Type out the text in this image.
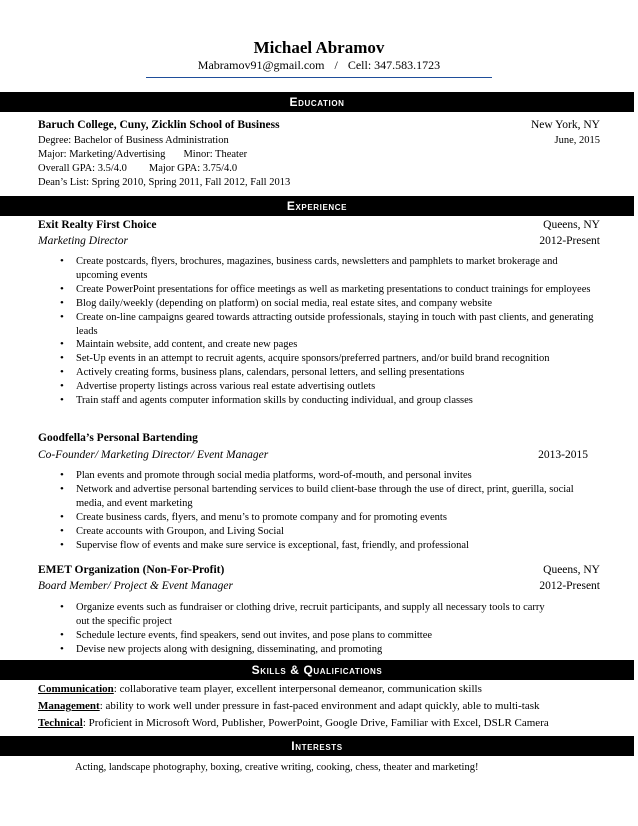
Michael Abramov
Mabramov91@gmail.com / Cell: 347.583.1723
Education
Baruch College, Cuny, Zicklin School of Business	New York, NY
Degree: Bachelor of Business Administration	June, 2015
Major: Marketing/Advertising Minor: Theater
Overall GPA: 3.5/4.0 Major GPA: 3.75/4.0
Dean’s List: Spring 2010, Spring 2011, Fall 2012, Fall 2013
Experience
Exit Realty First Choice	Queens, NY
Marketing Director	2012-Present
• Create postcards, flyers, brochures, magazines, business cards, newsletters and pamphlets to market brokerage and upcoming events
• Create PowerPoint presentations for office meetings as well as marketing presentations to conduct trainings for employees
• Blog daily/weekly (depending on platform) on social media, real estate sites, and company website
• Create on-line campaigns geared towards attracting outside professionals, staying in touch with past clients, and generating leads
• Maintain website, add content, and create new pages
• Set-Up events in an attempt to recruit agents, acquire sponsors/preferred partners, and/or build brand recognition
• Actively creating forms, business plans, calendars, personal letters, and selling presentations
• Advertise property listings across various real estate advertising outlets
• Train staff and agents computer information skills by conducting individual, and group classes
Goodfella’s Personal Bartending
Co-Founder/ Marketing Director/ Event Manager	2013-2015
• Plan events and promote through social media platforms, word-of-mouth, and personal invites
• Network and advertise personal bartending services to build client-base through the use of direct, print, guerilla, social media, and event marketing
• Create business cards, flyers, and menu’s to promote company and for promoting events
• Create accounts with Groupon, and Living Social
• Supervise flow of events and make sure service is exceptional, fast, friendly, and professional
EMET Organization (Non-For-Profit)	Queens, NY
Board Member/ Project & Event Manager	2012-Present
• Organize events such as fundraiser or clothing drive, recruit participants, and supply all necessary tools to carry out the specific project
• Schedule lecture events, find speakers, send out invites, and pose plans to committee
• Devise new projects along with designing, disseminating, and promoting
Skills & Qualifications
Communication: collaborative team player, excellent interpersonal demeanor, communication skills
Management: ability to work well under pressure in fast-paced environment and adapt quickly, able to multi-task
Technical: Proficient in Microsoft Word, Publisher, PowerPoint, Google Drive, Familiar with Excel, DSLR Camera
Interests
Acting, landscape photography, boxing, creative writing, cooking, chess, theater and marketing!
